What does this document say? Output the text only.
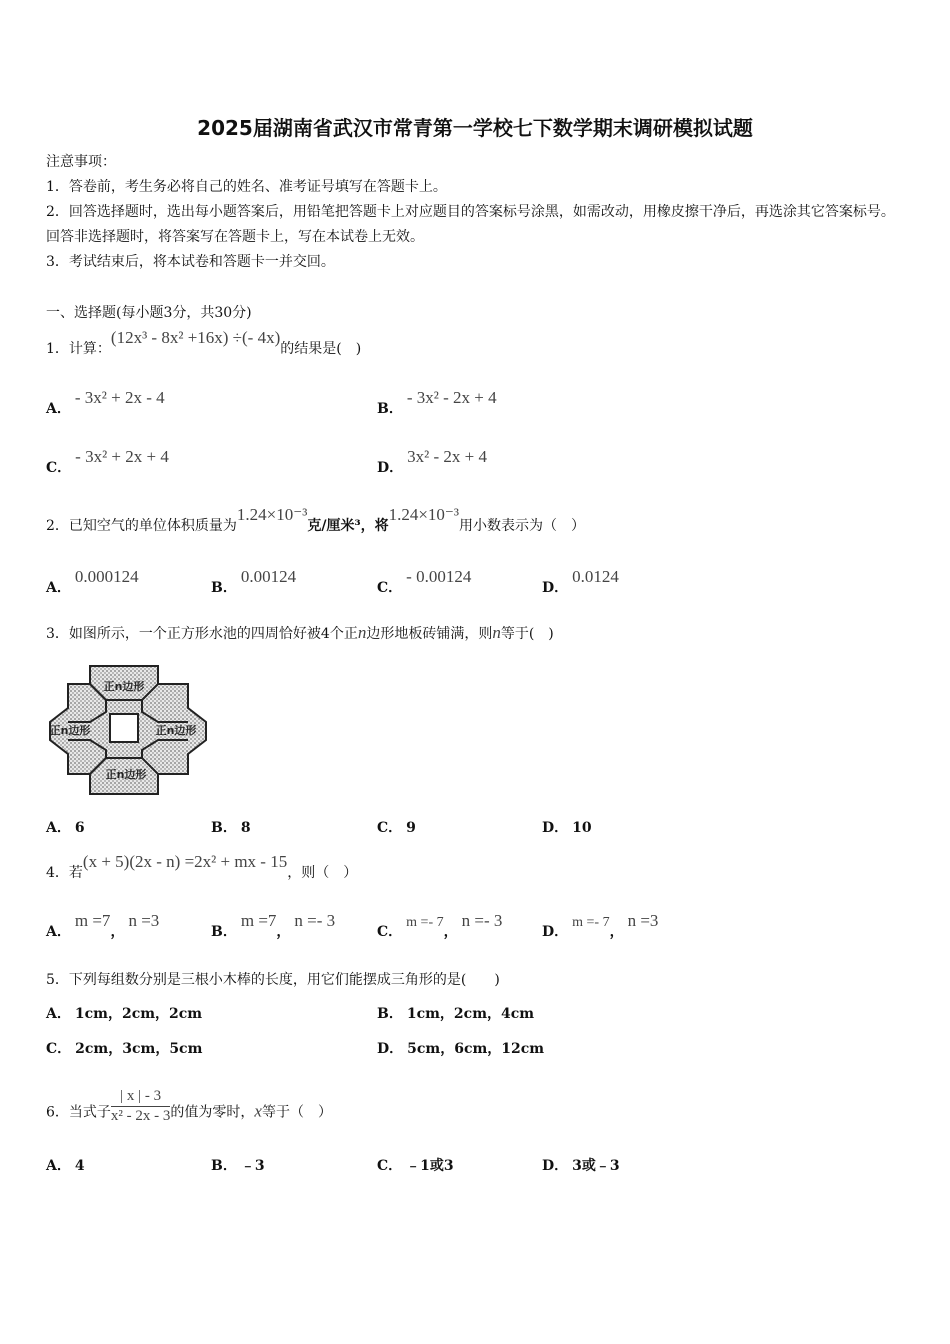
2025届湖南省武汉市常青第一学校七下数学期末调研模拟试题
注意事项：
1．答卷前，考生务必将自己的姓名、准考证号填写在答题卡上。
2．回答选择题时，选出每小题答案后，用铅笔把答题卡上对应题目的答案标号涂黑，如需改动，用橡皮擦干净后，再选涂其它答案标号。回答非选择题时，将答案写在答题卡上，写在本试卷上无效。
3．考试结束后，将本试卷和答题卡一并交回。
一、选择题(每小题3分，共30分)
1．计算：(12x³ - 8x² +16x) ÷(- 4x)的结果是(　)
A．- 3x² + 2x - 4
B．- 3x² - 2x + 4
C．- 3x² + 2x + 4
D．3x² - 2x + 4
2．已知空气的单位体积质量为1.24×10⁻³克/厘米³，将1.24×10⁻³用小数表示为（　）
A．0.000124
B．0.00124
C．- 0.00124
D．0.0124
3．如图所示，一个正方形水池的四周恰好被4个正n边形地板砖铺满，则n等于(　)
正n边形
正n边形	正n边形
正n边形
A． 6	B． 8	C． 9	D． 10
4．若(x + 5)(2x - n) =2x² + mx - 15，则（　）
A．m =7，n =3
B．m =7，n =- 3
C．m =- 7，n =- 3
D．m =- 7，n =3
5．下列每组数分别是三根小木棒的长度，用它们能摆成三角形的是(　　)
A． 1cm，2cm，2cm	B． 1cm，2cm，4cm
C． 2cm，3cm，5cm	D． 5cm，6cm，12cm
6．当式子 $\frac{| x | - 3}{\text{x² - 2x - 3}}$ 的值为零时，x等于（　）
A． 4	B． ﹣3	C． ﹣1或3	D． 3或﹣3
